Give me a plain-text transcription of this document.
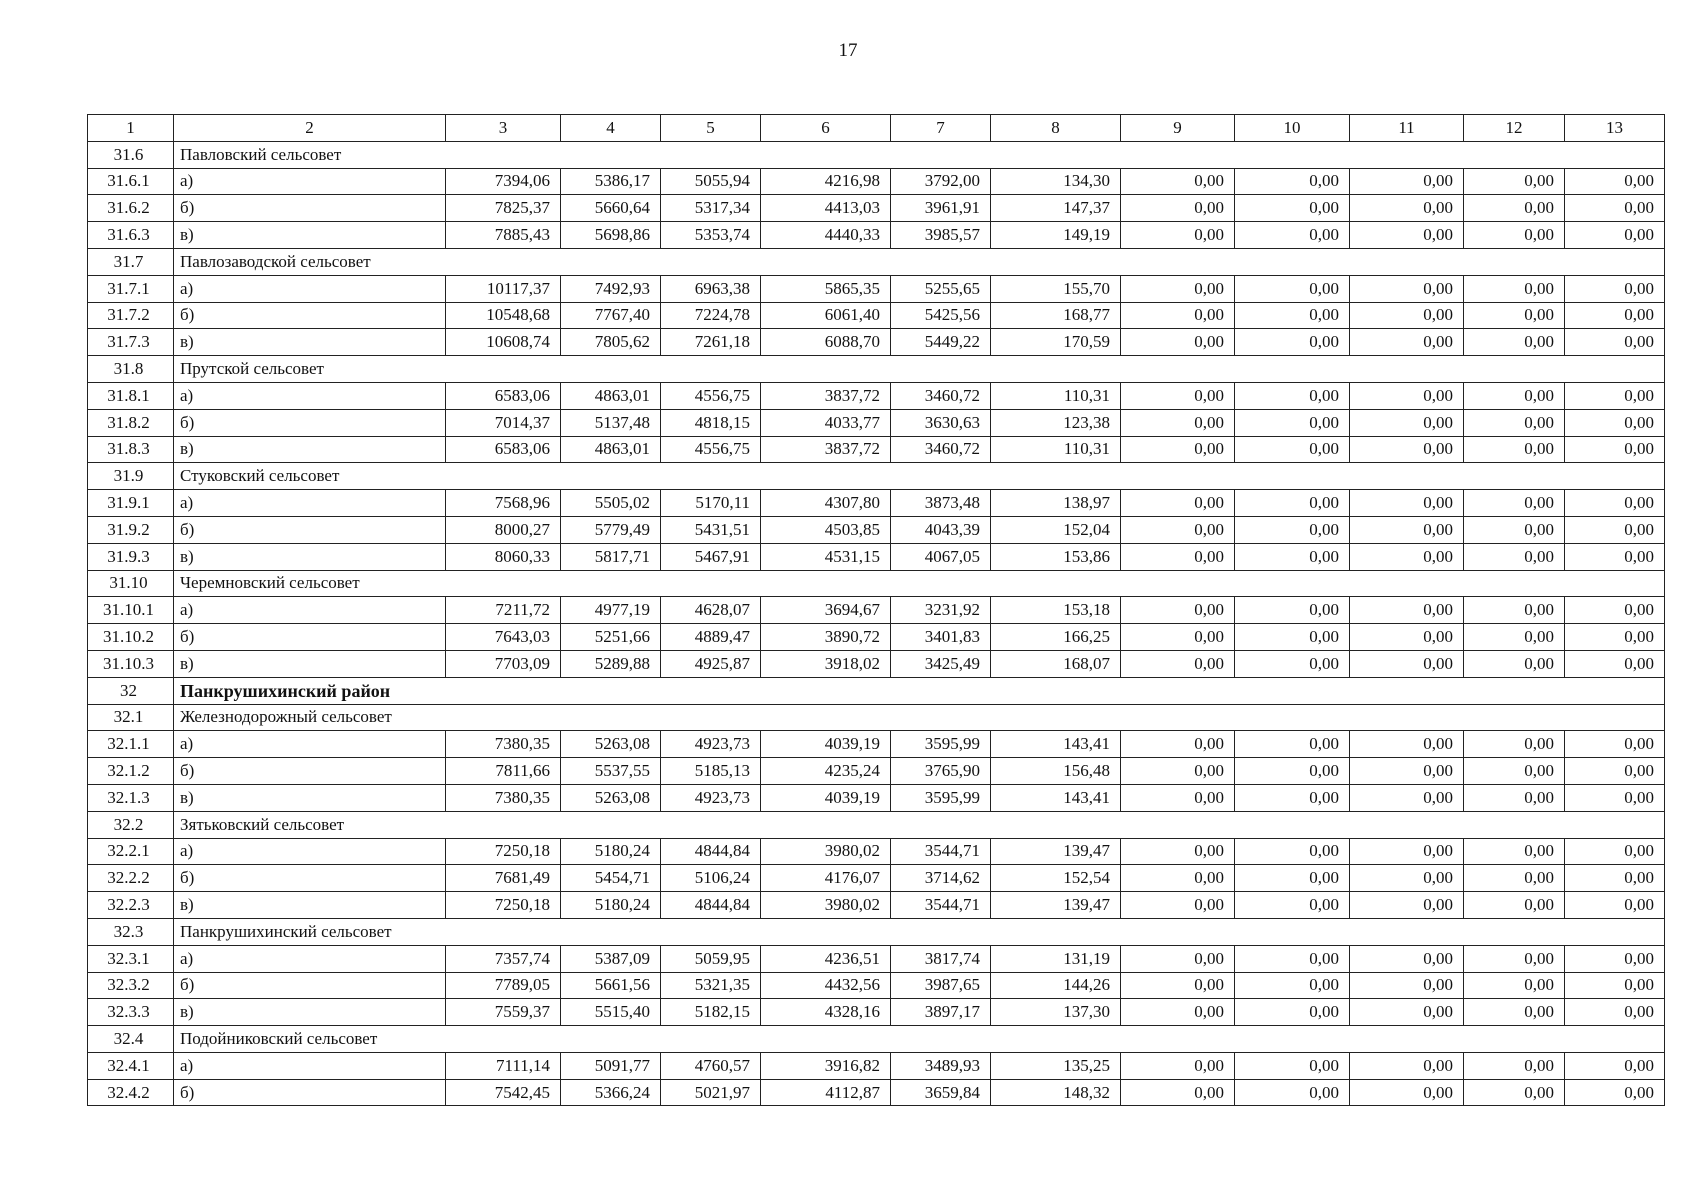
17
1	2	3	4	5	6	7	8	9	10	11	12	13
31.6	Павловский сельсовет											
31.6.1	а)	7394,06	5386,17	5055,94	4216,98	3792,00	134,30	0,00	0,00	0,00	0,00	0,00
31.6.2	б)	7825,37	5660,64	5317,34	4413,03	3961,91	147,37	0,00	0,00	0,00	0,00	0,00
31.6.3	в)	7885,43	5698,86	5353,74	4440,33	3985,57	149,19	0,00	0,00	0,00	0,00	0,00
31.7	Павлозаводской сельсовет											
31.7.1	а)	10117,37	7492,93	6963,38	5865,35	5255,65	155,70	0,00	0,00	0,00	0,00	0,00
31.7.2	б)	10548,68	7767,40	7224,78	6061,40	5425,56	168,77	0,00	0,00	0,00	0,00	0,00
31.7.3	в)	10608,74	7805,62	7261,18	6088,70	5449,22	170,59	0,00	0,00	0,00	0,00	0,00
31.8	Прутской сельсовет											
31.8.1	а)	6583,06	4863,01	4556,75	3837,72	3460,72	110,31	0,00	0,00	0,00	0,00	0,00
31.8.2	б)	7014,37	5137,48	4818,15	4033,77	3630,63	123,38	0,00	0,00	0,00	0,00	0,00
31.8.3	в)	6583,06	4863,01	4556,75	3837,72	3460,72	110,31	0,00	0,00	0,00	0,00	0,00
31.9	Стуковский сельсовет											
31.9.1	а)	7568,96	5505,02	5170,11	4307,80	3873,48	138,97	0,00	0,00	0,00	0,00	0,00
31.9.2	б)	8000,27	5779,49	5431,51	4503,85	4043,39	152,04	0,00	0,00	0,00	0,00	0,00
31.9.3	в)	8060,33	5817,71	5467,91	4531,15	4067,05	153,86	0,00	0,00	0,00	0,00	0,00
31.10	Черемновский сельсовет											
31.10.1	а)	7211,72	4977,19	4628,07	3694,67	3231,92	153,18	0,00	0,00	0,00	0,00	0,00
31.10.2	б)	7643,03	5251,66	4889,47	3890,72	3401,83	166,25	0,00	0,00	0,00	0,00	0,00
31.10.3	в)	7703,09	5289,88	4925,87	3918,02	3425,49	168,07	0,00	0,00	0,00	0,00	0,00
32	Панкрушихинский район											
32.1	Железнодорожный сельсовет											
32.1.1	а)	7380,35	5263,08	4923,73	4039,19	3595,99	143,41	0,00	0,00	0,00	0,00	0,00
32.1.2	б)	7811,66	5537,55	5185,13	4235,24	3765,90	156,48	0,00	0,00	0,00	0,00	0,00
32.1.3	в)	7380,35	5263,08	4923,73	4039,19	3595,99	143,41	0,00	0,00	0,00	0,00	0,00
32.2	Зятьковский сельсовет											
32.2.1	а)	7250,18	5180,24	4844,84	3980,02	3544,71	139,47	0,00	0,00	0,00	0,00	0,00
32.2.2	б)	7681,49	5454,71	5106,24	4176,07	3714,62	152,54	0,00	0,00	0,00	0,00	0,00
32.2.3	в)	7250,18	5180,24	4844,84	3980,02	3544,71	139,47	0,00	0,00	0,00	0,00	0,00
32.3	Панкрушихинский сельсовет											
32.3.1	а)	7357,74	5387,09	5059,95	4236,51	3817,74	131,19	0,00	0,00	0,00	0,00	0,00
32.3.2	б)	7789,05	5661,56	5321,35	4432,56	3987,65	144,26	0,00	0,00	0,00	0,00	0,00
32.3.3	в)	7559,37	5515,40	5182,15	4328,16	3897,17	137,30	0,00	0,00	0,00	0,00	0,00
32.4	Подойниковский сельсовет											
32.4.1	а)	7111,14	5091,77	4760,57	3916,82	3489,93	135,25	0,00	0,00	0,00	0,00	0,00
32.4.2	б)	7542,45	5366,24	5021,97	4112,87	3659,84	148,32	0,00	0,00	0,00	0,00	0,00
